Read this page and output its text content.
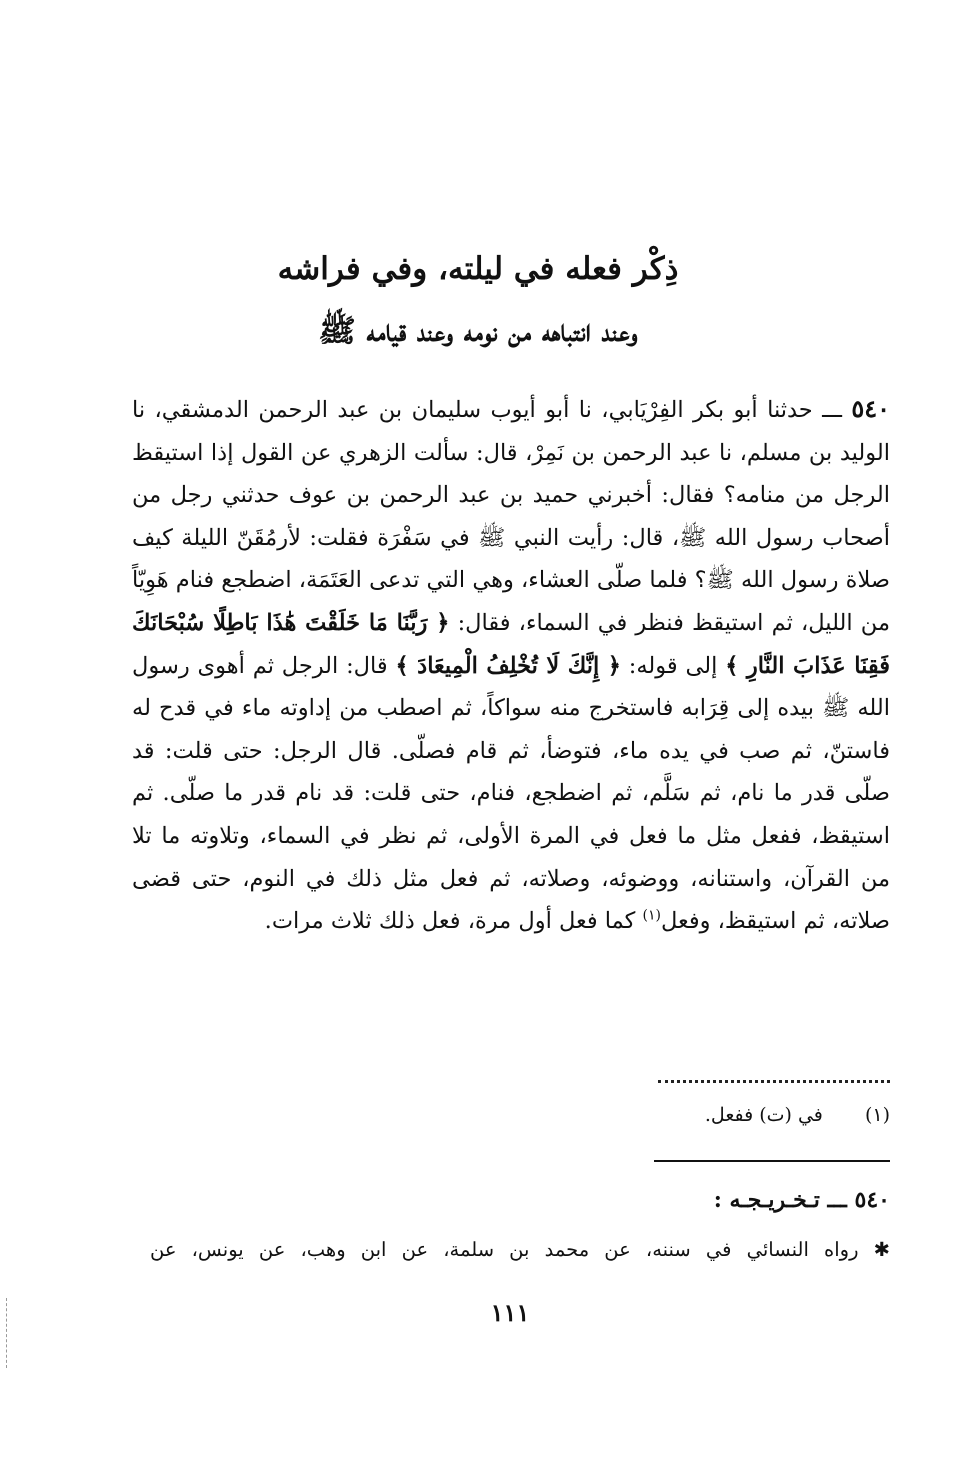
ذِكْر فعله في ليلته، وفي فراشه
وعند انتباهه من نومه وعند قيامه ﷺ

٥٤٠ ـــ حدثنا أبو بكر الفِرْيَابي، نا أبو أيوب سليمان بن عبد الرحمن الدمشقي، نا الوليد بن مسلم، نا عبد الرحمن بن نَمِرْ، قال: سألت الزهري عن القول إذا استيقظ الرجل من منامه؟ فقال: أخبرني حميد بن عبد الرحمن بن عوف حدثني رجل من أصحاب رسول الله ﷺ، قال: رأيت النبي ﷺ في سَفْرَة فقلت: لأرمُقَنّ الليلة كيف صلاة رسول الله ﷺ؟ فلما صلّى العشاء، وهي التي تدعى العَتَمَة، اضطجع فنام هَوِيّاً من الليل، ثم استيقظ فنظر في السماء، فقال: ﴿ رَبَّنَا مَا خَلَقْتَ هَٰذَا بَاطِلًا سُبْحَانَكَ فَقِنَا عَذَابَ النَّارِ ﴾ إلى قوله: ﴿ إِنَّكَ لَا تُخْلِفُ الْمِيعَادَ ﴾ قال: الرجل ثم أهوى رسول الله ﷺ بيده إلى قِرَابه فاستخرج منه سواكاً، ثم اصطب من إداوته ماء في قدح له فاستنّ، ثم صب في يده ماء، فتوضأ، ثم قام فصلّى. قال الرجل: حتى قلت: قد صلّى قدر ما نام، ثم سَلَّم، ثم اضطجع، فنام، حتى قلت: قد نام قدر ما صلّى. ثم استيقظ، ففعل مثل ما فعل في المرة الأولى، ثم نظر في السماء، وتلاوته ما تلا من القرآن، واستنانه، ووضوئه، وصلاته، ثم فعل مثل ذلك في النوم، حتى قضى صلاته، ثم استيقظ، وفعل$^{(١)}$ كما فعل أول مرة، فعل ذلك ثلاث مرات.

(١) في (ت) ففعل.
٥٤٠ ـــ تـخـريـجـه :
✱ رواه النسائي في سننه، عن محمد بن سلمة، عن ابن وهب، عن يونس، عن
١١١
